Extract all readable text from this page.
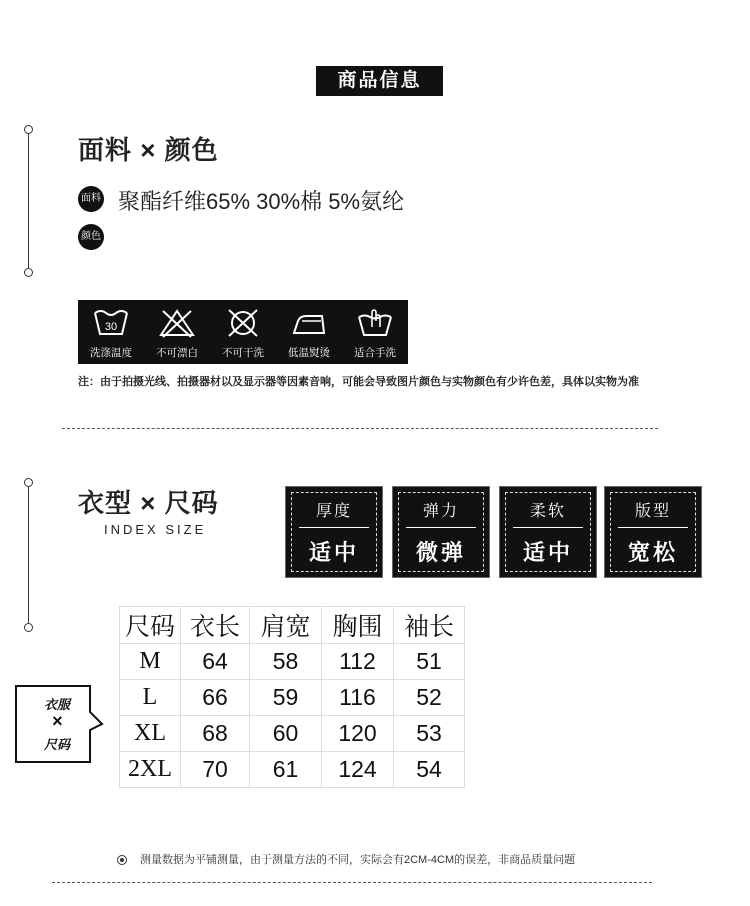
商品信息
面料 × 颜色
面料 聚酯纤维65% 30%棉 5%氨纶
颜色
30
洗涤温度	不可漂白	不可干洗	低温熨烫	适合手洗
注：由于拍摄光线、拍摄器材以及显示器等因素音响，可能会导致图片颜色与实物颜色有少许色差，具体以实物为准
衣型 × 尺码
INDEX SIZE
厚度
适中
弹力
微弹
柔软
适中
版型
宽松
衣服
×
尺码
尺码	衣长	肩宽	胸围	袖长
M	64	58	112	51
L	66	59	116	52
XL	68	60	120	53
2XL	70	61	124	54
测量数据为平铺测量，由于测量方法的不同，实际会有2CM-4CM的误差，非商品质量问题
